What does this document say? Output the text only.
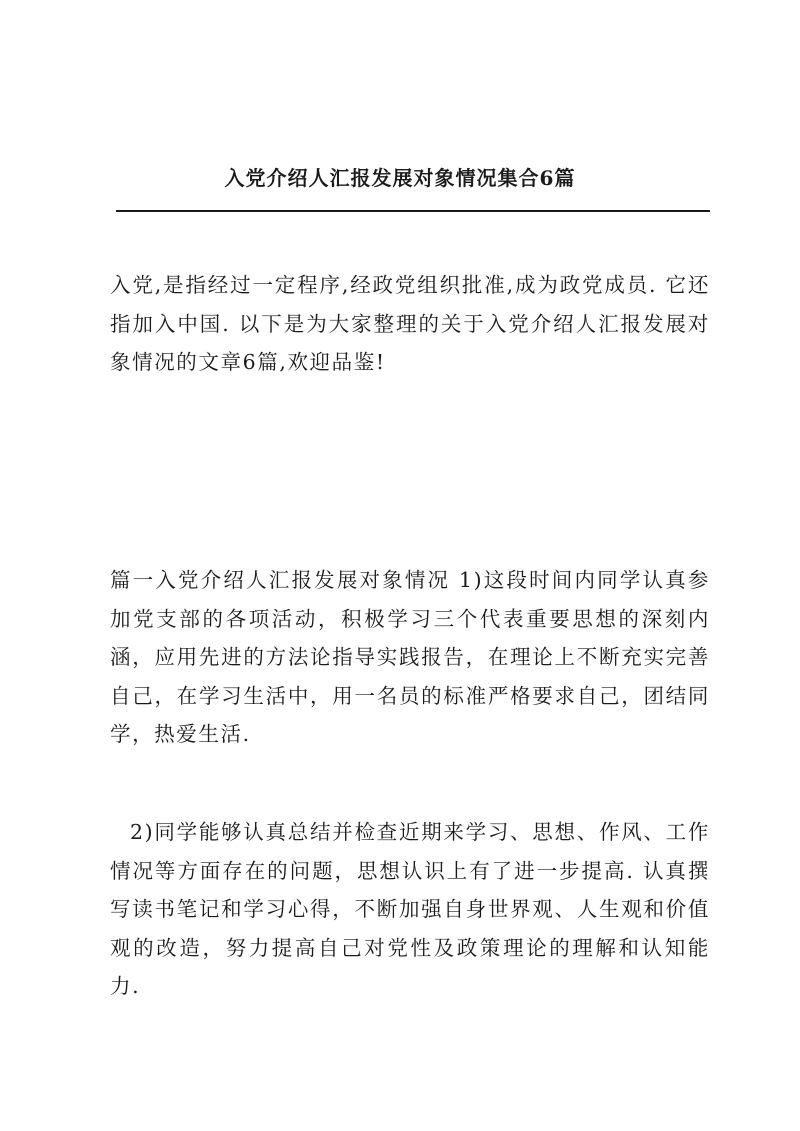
入党介绍人汇报发展对象情况集合6篇

入党,是指经过一定程序,经政党组织批准,成为政党成员. 它还指加入中国. 以下是为大家整理的关于入党介绍人汇报发展对象情况的文章6篇,欢迎品鉴!

篇一入党介绍人汇报发展对象情况 1)这段时间内同学认真参加党支部的各项活动，积极学习三个代表重要思想的深刻内涵，应用先进的方法论指导实践报告，在理论上不断充实完善自己，在学习生活中，用一名员的标准严格要求自己，团结同学，热爱生活.

2)同学能够认真总结并检查近期来学习、思想、作风、工作情况等方面存在的问题，思想认识上有了进一步提高. 认真撰写读书笔记和学习心得，不断加强自身世界观、人生观和价值观的改造，努力提高自己对党性及政策理论的理解和认知能力.
